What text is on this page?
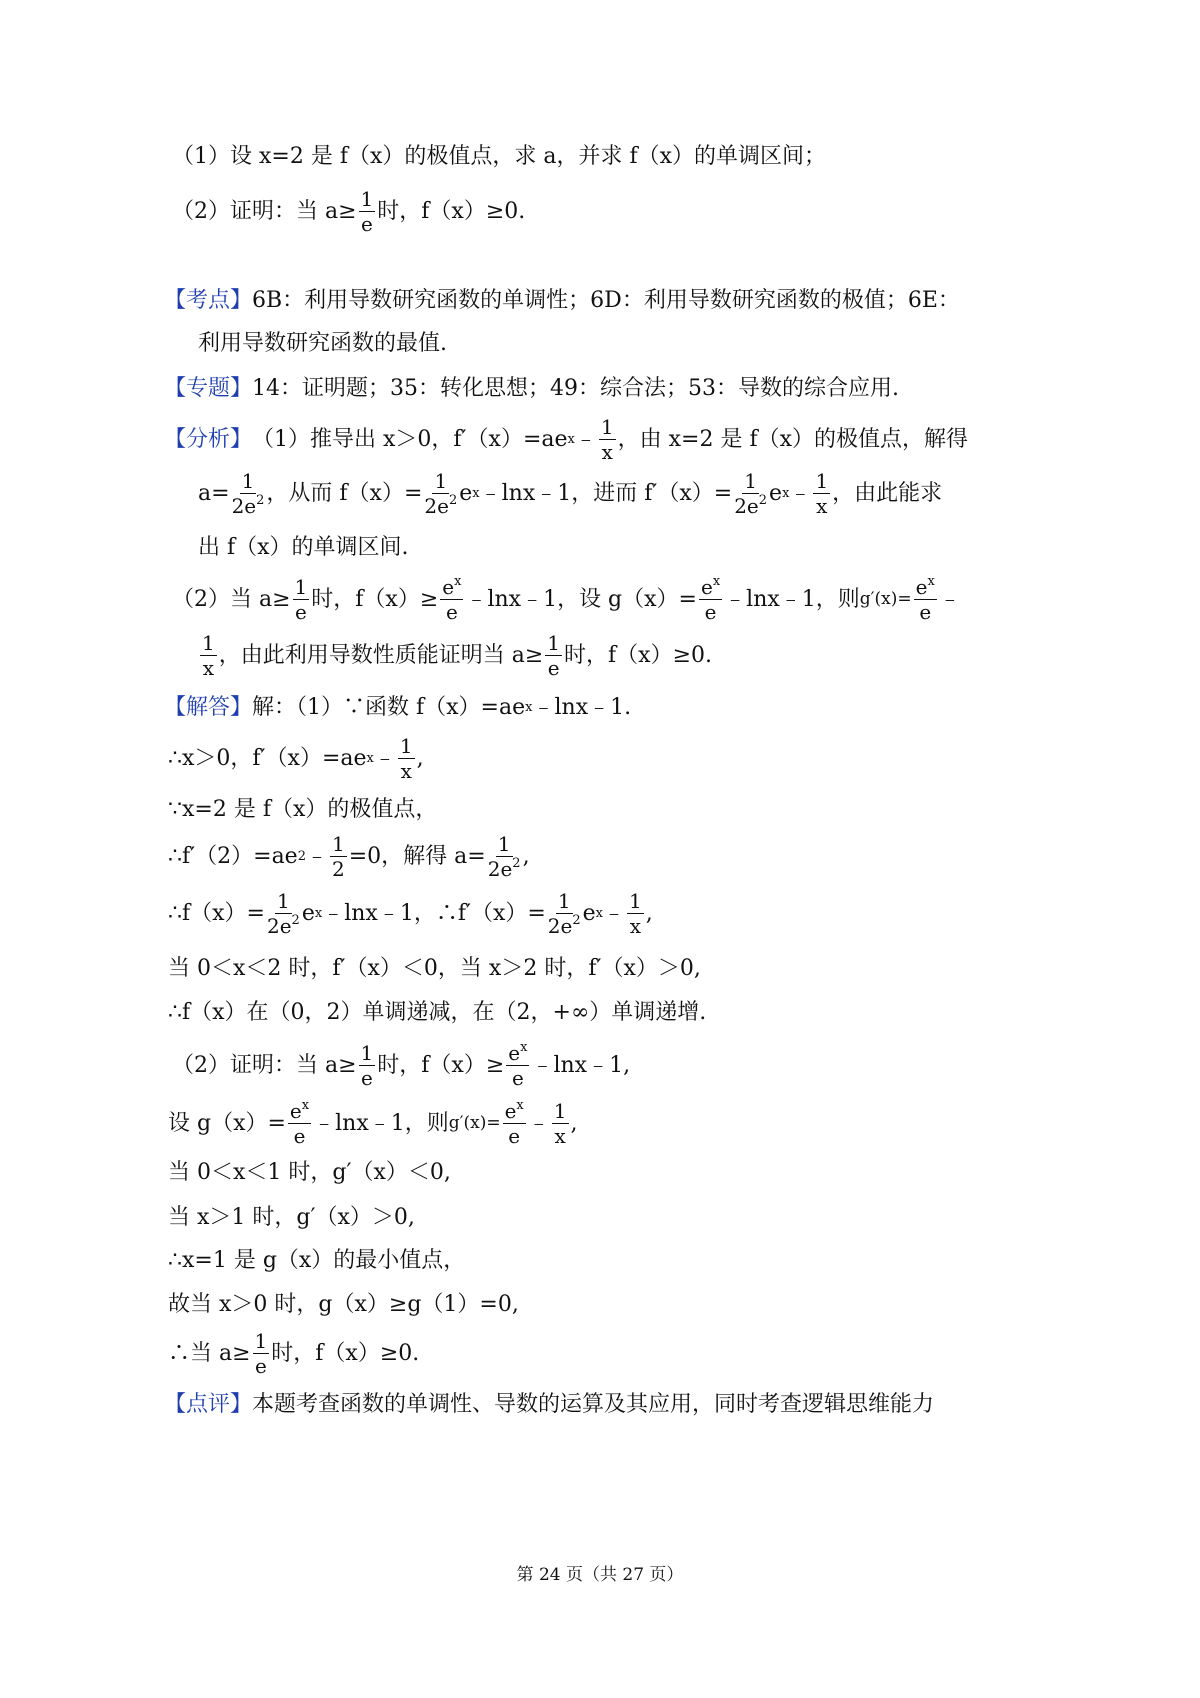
（1）设 x=2 是 f（x）的极值点，求 a，并求 f（x）的单调区间；
（2）证明：当 $a\ge \frac{1}{e}$ 时，f（x）≥0.
【考点】 6B：利用导数研究函数的单调性；6D：利用导数研究函数的极值；6E：
利用导数研究函数的最值.
【专题】 14：证明题；35：转化思想；49：综合法；53：导数的综合应用.
【分析】 （1）推导出 x＞0，f′（x）=ae x ﹣ $\frac{1}{x}$ ，由 x=2 是 f（x）的极值点，解得
$a= \frac{1}{2e^2}$ ，从而 $f(x)= \frac{1}{2e^2}$ e x ﹣lnx﹣1，进而 $f'(x)= \frac{1}{2e^2}$ e x ﹣ $\frac{1}{x}$ ，由此能求
出 f（x）的单调区间.
（2）当 $a\ge \frac{1}{e}$ 时，$f(x)\ge \frac{e^x}{e}$ ﹣lnx﹣1，设 $g(x)= \frac{e^x}{e}$ ﹣lnx﹣1，则 $g'(x)= \frac{e^x}{e}$ ﹣
$\frac{1}{x}$ ，由此利用导数性质能证明当 $a\ge \frac{1}{e}$ 时，f（x）≥0.
【解答】 解：（1）∵函数 f（x）=ae x ﹣lnx﹣1.
∴x＞0，f′（x）=ae x ﹣ $\frac{1}{x}$ ,
∵x=2 是 f（x）的极值点，
∴f′（2）=ae 2 ﹣ $\frac{1}{2} =0$，解得 $a= \frac{1}{2e^2}$ ,
∴f（x）= $\frac{1}{2e^2}$ e x ﹣lnx﹣1，∴f′（x）= $\frac{1}{2e^2}$ e x ﹣ $\frac{1}{x}$ ,
当 0＜x＜2 时，f′（x）＜0，当 x＞2 时，f′（x）＞0,
∴f（x）在（0，2）单调递减，在（2，+∞）单调递增.
（2）证明：当 $a\ge \frac{1}{e}$ 时，$f(x)\ge \frac{e^x}{e}$ ﹣lnx﹣1,
设 $g(x)= \frac{e^x}{e}$ ﹣lnx﹣1，则 $g'(x)= \frac{e^x}{e}$ ﹣ $\frac{1}{x}$ ,
当 0＜x＜1 时，g′（x）＜0,
当 x＞1 时，g′（x）＞0,
∴x=1 是 g（x）的最小值点，
故当 x＞0 时，g（x）≥g（1）=0,
∴当 $a\ge \frac{1}{e}$ 时，f（x）≥0.
【点评】 本题考查函数的单调性、导数的运算及其应用，同时考查逻辑思维能力
第 24 页（共 27 页）
